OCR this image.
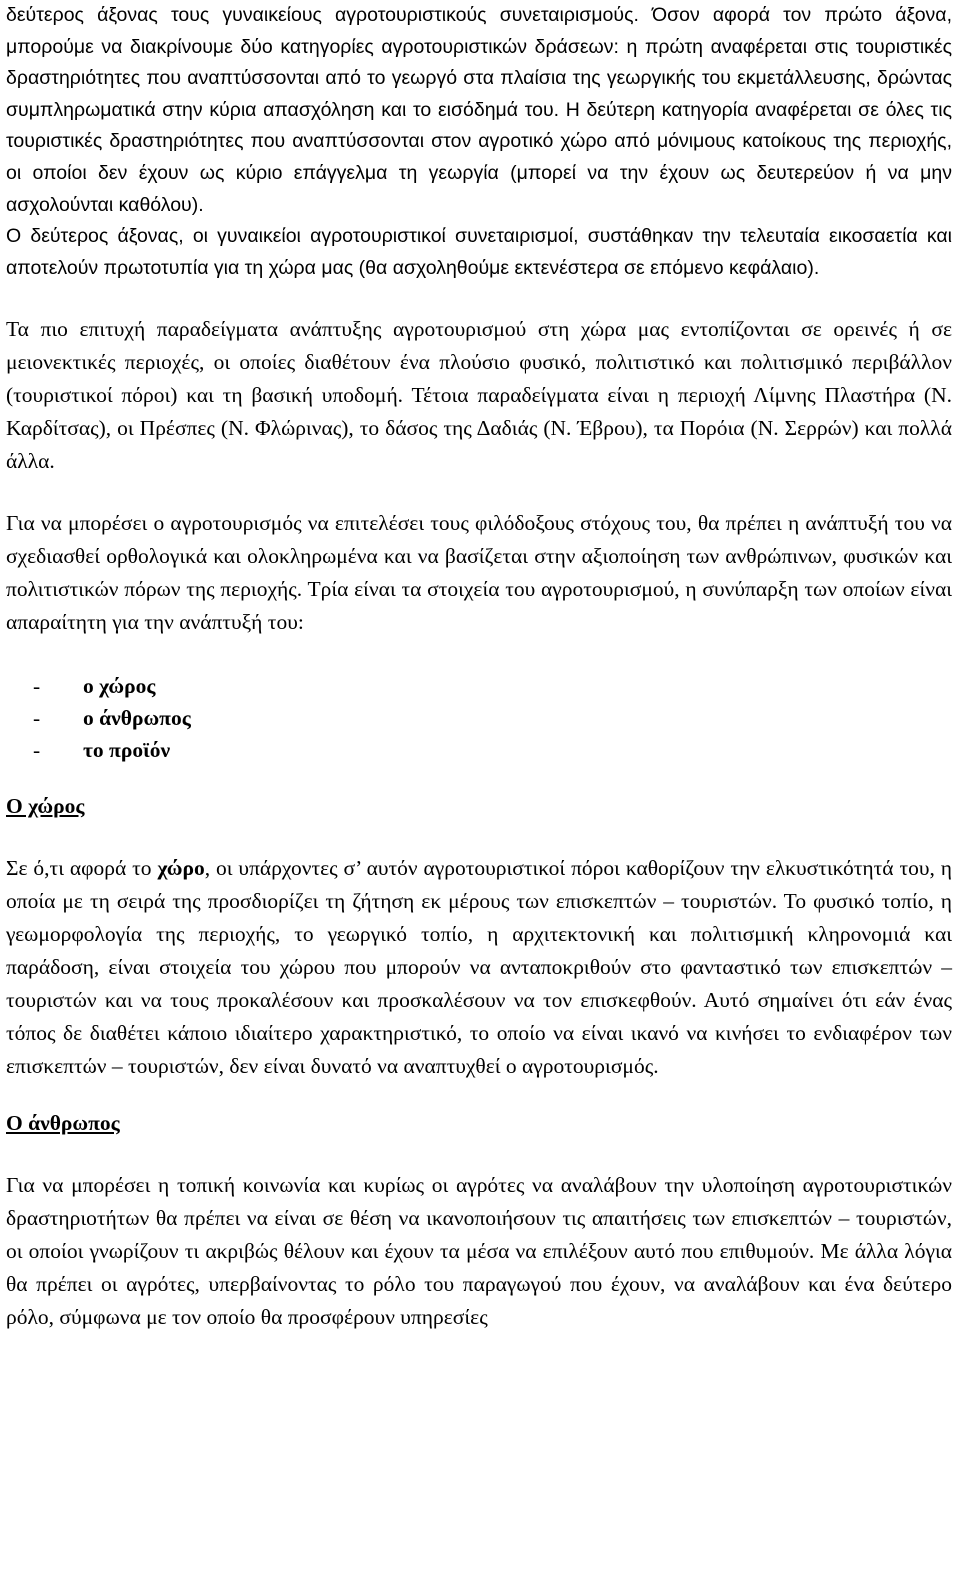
δεύτερος άξονας τους γυναικείους αγροτουριστικούς συνεταιρισμούς. Όσον αφορά τον πρώτο άξονα, μπορούμε να διακρίνουμε δύο κατηγορίες αγροτουριστικών δράσεων: η πρώτη αναφέρεται στις τουριστικές δραστηριότητες που αναπτύσσονται από το γεωργό στα πλαίσια της γεωργικής του εκμετάλλευσης, δρώντας συμπληρωματικά στην κύρια απασχόληση και το εισόδημά του. Η δεύτερη κατηγορία αναφέρεται σε όλες τις τουριστικές δραστηριότητες που αναπτύσσονται στον αγροτικό χώρο από μόνιμους κατοίκους της περιοχής, οι οποίοι δεν έχουν ως κύριο επάγγελμα τη γεωργία (μπορεί να την έχουν ως δευτερεύον ή να μην ασχολούνται καθόλου).

Ο δεύτερος άξονας, οι γυναικείοι αγροτουριστικοί συνεταιρισμοί, συστάθηκαν την τελευταία εικοσαετία και αποτελούν πρωτοτυπία για τη χώρα μας (θα ασχοληθούμε εκτενέστερα σε επόμενο κεφάλαιο).

Τα πιο επιτυχή παραδείγματα ανάπτυξης αγροτουρισμού στη χώρα μας εντοπίζονται σε ορεινές ή σε μειονεκτικές περιοχές, οι οποίες διαθέτουν ένα πλούσιο φυσικό, πολιτιστικό και πολιτισμικό περιβάλλον (τουριστικοί πόροι) και τη βασική υποδομή. Τέτοια παραδείγματα είναι η περιοχή Λίμνης Πλαστήρα (Ν. Καρδίτσας), οι Πρέσπες (Ν. Φλώρινας), το δάσος της Δαδιάς (Ν. Έβρου), τα Πορόια (Ν. Σερρών) και πολλά άλλα.

Για να μπορέσει ο αγροτουρισμός να επιτελέσει τους φιλόδοξους στόχους του, θα πρέπει η ανάπτυξή του να σχεδιασθεί ορθολογικά και ολοκληρωμένα και να βασίζεται στην αξιοποίηση των ανθρώπινων, φυσικών και πολιτιστικών πόρων της περιοχής. Τρία είναι τα στοιχεία του αγροτουρισμού, η συνύπαρξη των οποίων είναι απαραίτητη για την ανάπτυξή του:

- ο χώρος
- ο άνθρωπος
- το προϊόν

Ο χώρος

Σε ό,τι αφορά το χώρο, οι υπάρχοντες σ’ αυτόν αγροτουριστικοί πόροι καθορίζουν την ελκυστικότητά του, η οποία με τη σειρά της προσδιορίζει τη ζήτηση εκ μέρους των επισκεπτών – τουριστών. Το φυσικό τοπίο, η γεωμορφολογία της περιοχής, το γεωργικό τοπίο, η αρχιτεκτονική και πολιτισμική κληρονομιά και παράδοση, είναι στοιχεία του χώρου που μπορούν να ανταποκριθούν στο φανταστικό των επισκεπτών – τουριστών και να τους προκαλέσουν και προσκαλέσουν να τον επισκεφθούν. Αυτό σημαίνει ότι εάν ένας τόπος δε διαθέτει κάποιο ιδιαίτερο χαρακτηριστικό, το οποίο να είναι ικανό να κινήσει το ενδιαφέρον των επισκεπτών – τουριστών, δεν είναι δυνατό να αναπτυχθεί ο αγροτουρισμός.

Ο άνθρωπος

Για να μπορέσει η τοπική κοινωνία και κυρίως οι αγρότες να αναλάβουν την υλοποίηση αγροτουριστικών δραστηριοτήτων θα πρέπει να είναι σε θέση να ικανοποιήσουν τις απαιτήσεις των επισκεπτών – τουριστών, οι οποίοι γνωρίζουν τι ακριβώς θέλουν και έχουν τα μέσα να επιλέξουν αυτό που επιθυμούν. Με άλλα λόγια θα πρέπει οι αγρότες, υπερβαίνοντας το ρόλο του παραγωγού που έχουν, να αναλάβουν και ένα δεύτερο ρόλο, σύμφωνα με τον οποίο θα προσφέρουν υπηρεσίες
